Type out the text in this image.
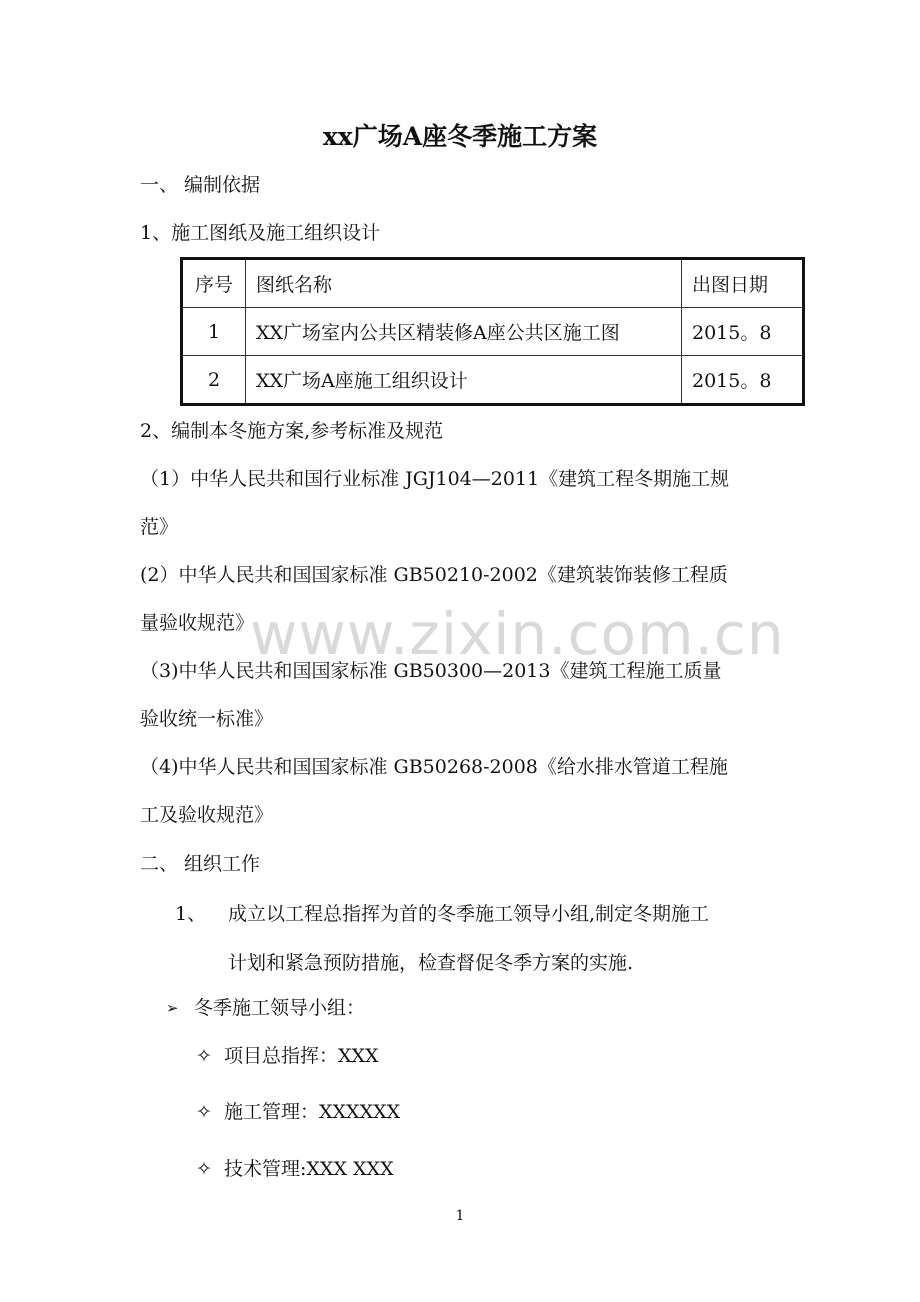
www.zixin.com.cn
xx广场A座冬季施工方案
一、 编制依据
1、施工图纸及施工组织设计
序号	图纸名称	出图日期
1	XX广场室内公共区精装修A座公共区施工图	2015。8
2	XX广场A座施工组织设计	2015。8
2、编制本冬施方案,参考标准及规范
（1）中华人民共和国行业标准 JGJ104—2011《建筑工程冬期施工规
范》
(2）中华人民共和国国家标准 GB50210-2002《建筑装饰装修工程质
量验收规范》
（3)中华人民共和国国家标准 GB50300—2013《建筑工程施工质量
验收统一标准》
（4)中华人民共和国国家标准 GB50268-2008《给水排水管道工程施
工及验收规范》
二、 组织工作
1、 成立以工程总指挥为首的冬季施工领导小组,制定冬期施工
计划和紧急预防措施，检查督促冬季方案的实施.
➢ 冬季施工领导小组：
✧ 项目总指挥：XXX
✧ 施工管理：XXXXXX
✧ 技术管理:XXX XXX
1
